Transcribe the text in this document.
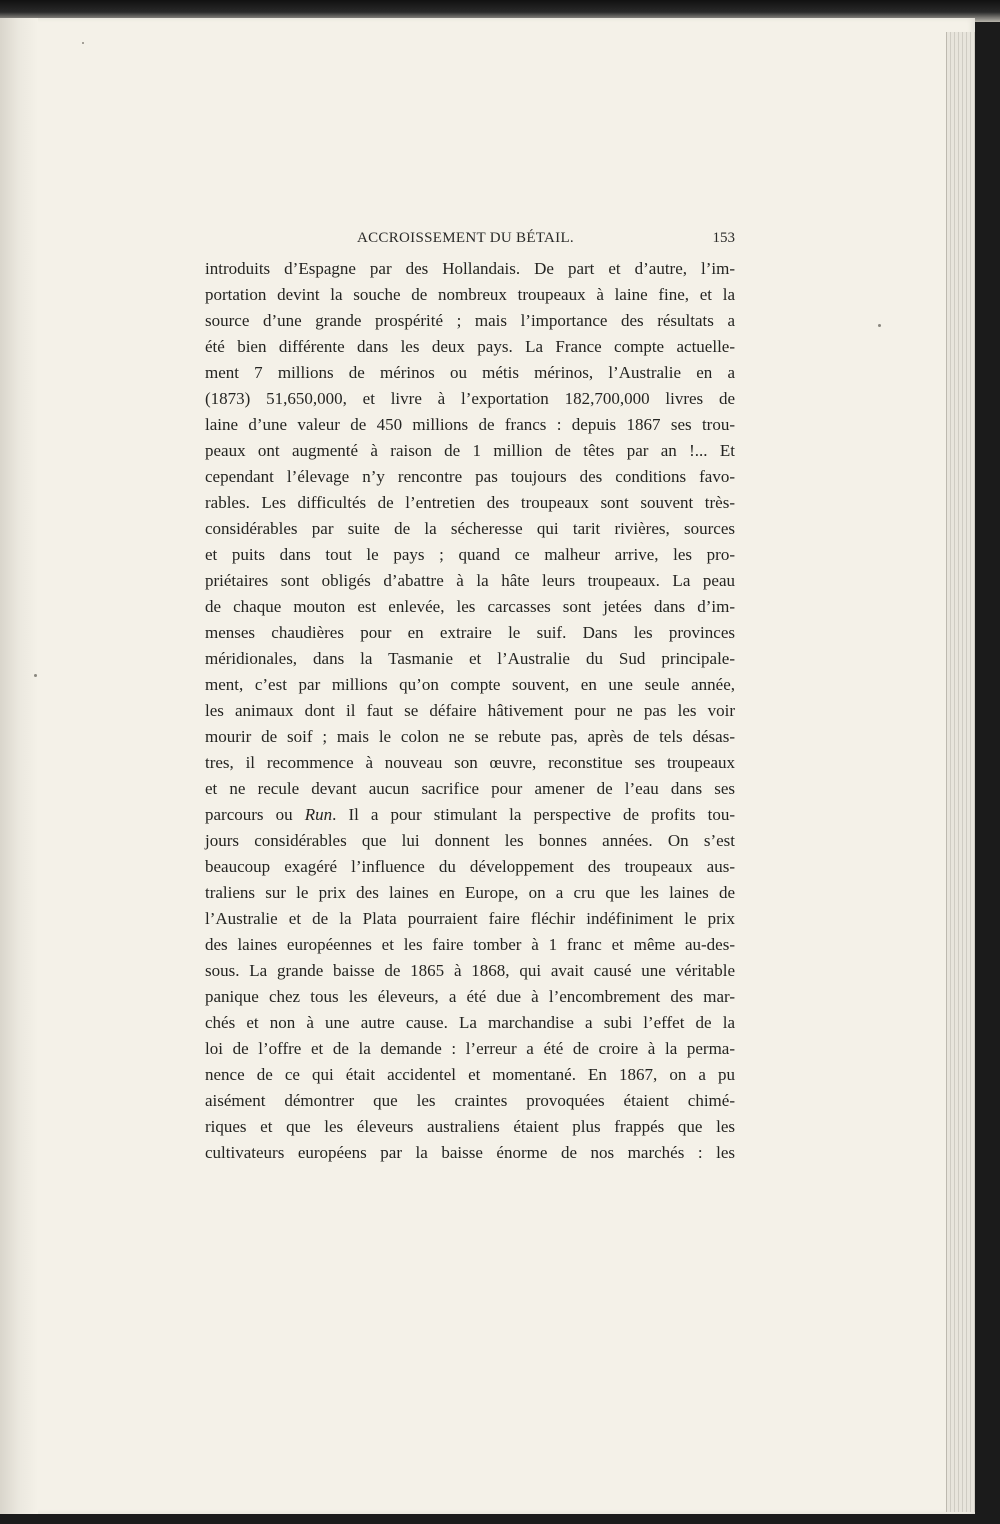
ACCROISSEMENT DU BÉTAIL.	153
introduits d’Espagne par des Hollandais. De part et d’autre, l’im-
portation devint la souche de nombreux troupeaux à laine fine, et la
source d’une grande prospérité ; mais l’importance des résultats a
été bien différente dans les deux pays. La France compte actuelle-
ment 7 millions de mérinos ou métis mérinos, l’Australie en a
(1873) 51,650,000, et livre à l’exportation 182,700,000 livres de
laine d’une valeur de 450 millions de francs : depuis 1867 ses trou-
peaux ont augmenté à raison de 1 million de têtes par an !... Et
cependant l’élevage n’y rencontre pas toujours des conditions favo-
rables. Les difficultés de l’entretien des troupeaux sont souvent très-
considérables par suite de la sécheresse qui tarit rivières, sources
et puits dans tout le pays ; quand ce malheur arrive, les pro-
priétaires sont obligés d’abattre à la hâte leurs troupeaux. La peau
de chaque mouton est enlevée, les carcasses sont jetées dans d’im-
menses chaudières pour en extraire le suif. Dans les provinces
méridionales, dans la Tasmanie et l’Australie du Sud principale-
ment, c’est par millions qu’on compte souvent, en une seule année,
les animaux dont il faut se défaire hâtivement pour ne pas les voir
mourir de soif ; mais le colon ne se rebute pas, après de tels désas-
tres, il recommence à nouveau son œuvre, reconstitue ses troupeaux
et ne recule devant aucun sacrifice pour amener de l’eau dans ses
parcours ou Run. Il a pour stimulant la perspective de profits tou-
jours considérables que lui donnent les bonnes années. On s’est
beaucoup exagéré l’influence du développement des troupeaux aus-
traliens sur le prix des laines en Europe, on a cru que les laines de
l’Australie et de la Plata pourraient faire fléchir indéfiniment le prix
des laines européennes et les faire tomber à 1 franc et même au-des-
sous. La grande baisse de 1865 à 1868, qui avait causé une véritable
panique chez tous les éleveurs, a été due à l’encombrement des mar-
chés et non à une autre cause. La marchandise a subi l’effet de la
loi de l’offre et de la demande : l’erreur a été de croire à la perma-
nence de ce qui était accidentel et momentané. En 1867, on a pu
aisément démontrer que les craintes provoquées étaient chimé-
riques et que les éleveurs australiens étaient plus frappés que les
cultivateurs européens par la baisse énorme de nos marchés : les
